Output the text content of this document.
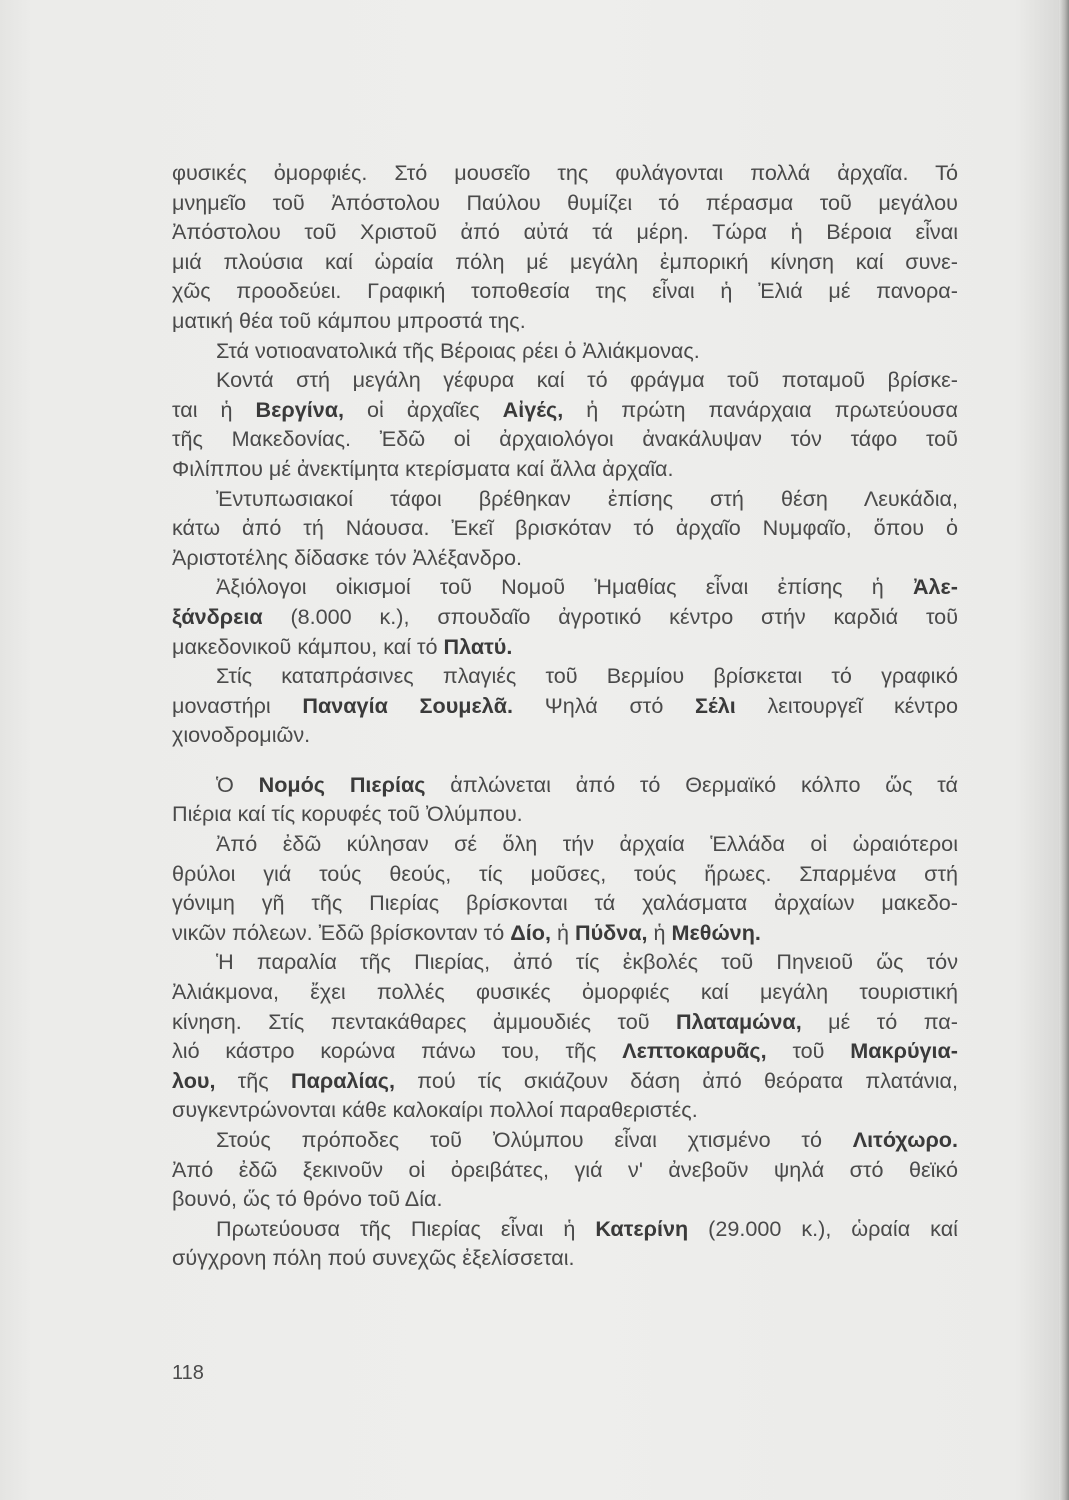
φυσικές ὀμορφιές. Στό μουσεῖο της φυλάγονται πολλά ἀρχαῖα. Τό
μνημεῖο τοῦ Ἀπόστολου Παύλου θυμίζει τό πέρασμα τοῦ μεγάλου
Ἀπόστολου τοῦ Χριστοῦ ἀπό αὐτά τά μέρη. Τώρα ἡ Βέροια εἶναι
μιά πλούσια καί ὡραία πόλη μέ μεγάλη ἐμπορική κίνηση καί συνε-
χῶς προοδεύει. Γραφική τοποθεσία της εἶναι ἡ Ἐλιά μέ πανορα-
ματική θέα τοῦ κάμπου μπροστά της.
Στά νοτιοανατολικά τῆς Βέροιας ρέει ὁ Ἀλιάκμονας.
Κοντά στή μεγάλη γέφυρα καί τό φράγμα τοῦ ποταμοῦ βρίσκε-
ται ἡ Βεργίνα, οἱ ἀρχαῖες Αἰγές, ἡ πρώτη πανάρχαια πρωτεύουσα
τῆς Μακεδονίας. Ἐδῶ οἱ ἀρχαιολόγοι ἀνακάλυψαν τόν τάφο τοῦ
Φιλίππου μέ ἀνεκτίμητα κτερίσματα καί ἄλλα ἀρχαῖα.
Ἐντυπωσιακοί τάφοι βρέθηκαν ἐπίσης στή θέση Λευκάδια,
κάτω ἀπό τή Νάουσα. Ἐκεῖ βρισκόταν τό ἀρχαῖο Νυμφαῖο, ὅπου ὁ
Ἀριστοτέλης δίδασκε τόν Ἀλέξανδρο.
Ἀξιόλογοι οἰκισμοί τοῦ Νομοῦ Ἠμαθίας εἶναι ἐπίσης ἡ Ἀλε-
ξάνδρεια (8.000 κ.), σπουδαῖο ἀγροτικό κέντρο στήν καρδιά τοῦ
μακεδονικοῦ κάμπου, καί τό Πλατύ.
Στίς καταπράσινες πλαγιές τοῦ Βερμίου βρίσκεται τό γραφικό
μοναστήρι Παναγία Σουμελᾶ. Ψηλά στό Σέλι λειτουργεῖ κέντρο
χιονοδρομιῶν.
Ὁ Νομός Πιερίας ἁπλώνεται ἀπό τό Θερμαϊκό κόλπο ὥς τά
Πιέρια καί τίς κορυφές τοῦ Ὀλύμπου.
Ἀπό ἐδῶ κύλησαν σέ ὅλη τήν ἀρχαία Ἑλλάδα οἱ ὡραιότεροι
θρύλοι γιά τούς θεούς, τίς μοῦσες, τούς ἥρωες. Σπαρμένα στή
γόνιμη γῆ τῆς Πιερίας βρίσκονται τά χαλάσματα ἀρχαίων μακεδο-
νικῶν πόλεων. Ἐδῶ βρίσκονταν τό Δίο, ἡ Πύδνα, ἡ Μεθώνη.
Ἡ παραλία τῆς Πιερίας, ἀπό τίς ἐκβολές τοῦ Πηνειοῦ ὥς τόν
Ἀλιάκμονα, ἔχει πολλές φυσικές ὀμορφιές καί μεγάλη τουριστική
κίνηση. Στίς πεντακάθαρες ἀμμουδιές τοῦ Πλαταμώνα, μέ τό πα-
λιό κάστρο κορώνα πάνω του, τῆς Λεπτοκαρυᾶς, τοῦ Μακρύγια-
λου, τῆς Παραλίας, πού τίς σκιάζουν δάση ἀπό θεόρατα πλατάνια,
συγκεντρώνονται κάθε καλοκαίρι πολλοί παραθεριστές.
Στούς πρόποδες τοῦ Ὀλύμπου εἶναι χτισμένο τό Λιτόχωρο.
Ἀπό ἐδῶ ξεκινοῦν οἱ ὀρειβάτες, γιά ν' ἀνεβοῦν ψηλά στό θεϊκό
βουνό, ὥς τό θρόνο τοῦ Δία.
Πρωτεύουσα τῆς Πιερίας εἶναι ἡ Κατερίνη (29.000 κ.), ὡραία καί
σύγχρονη πόλη πού συνεχῶς ἐξελίσσεται.
118
